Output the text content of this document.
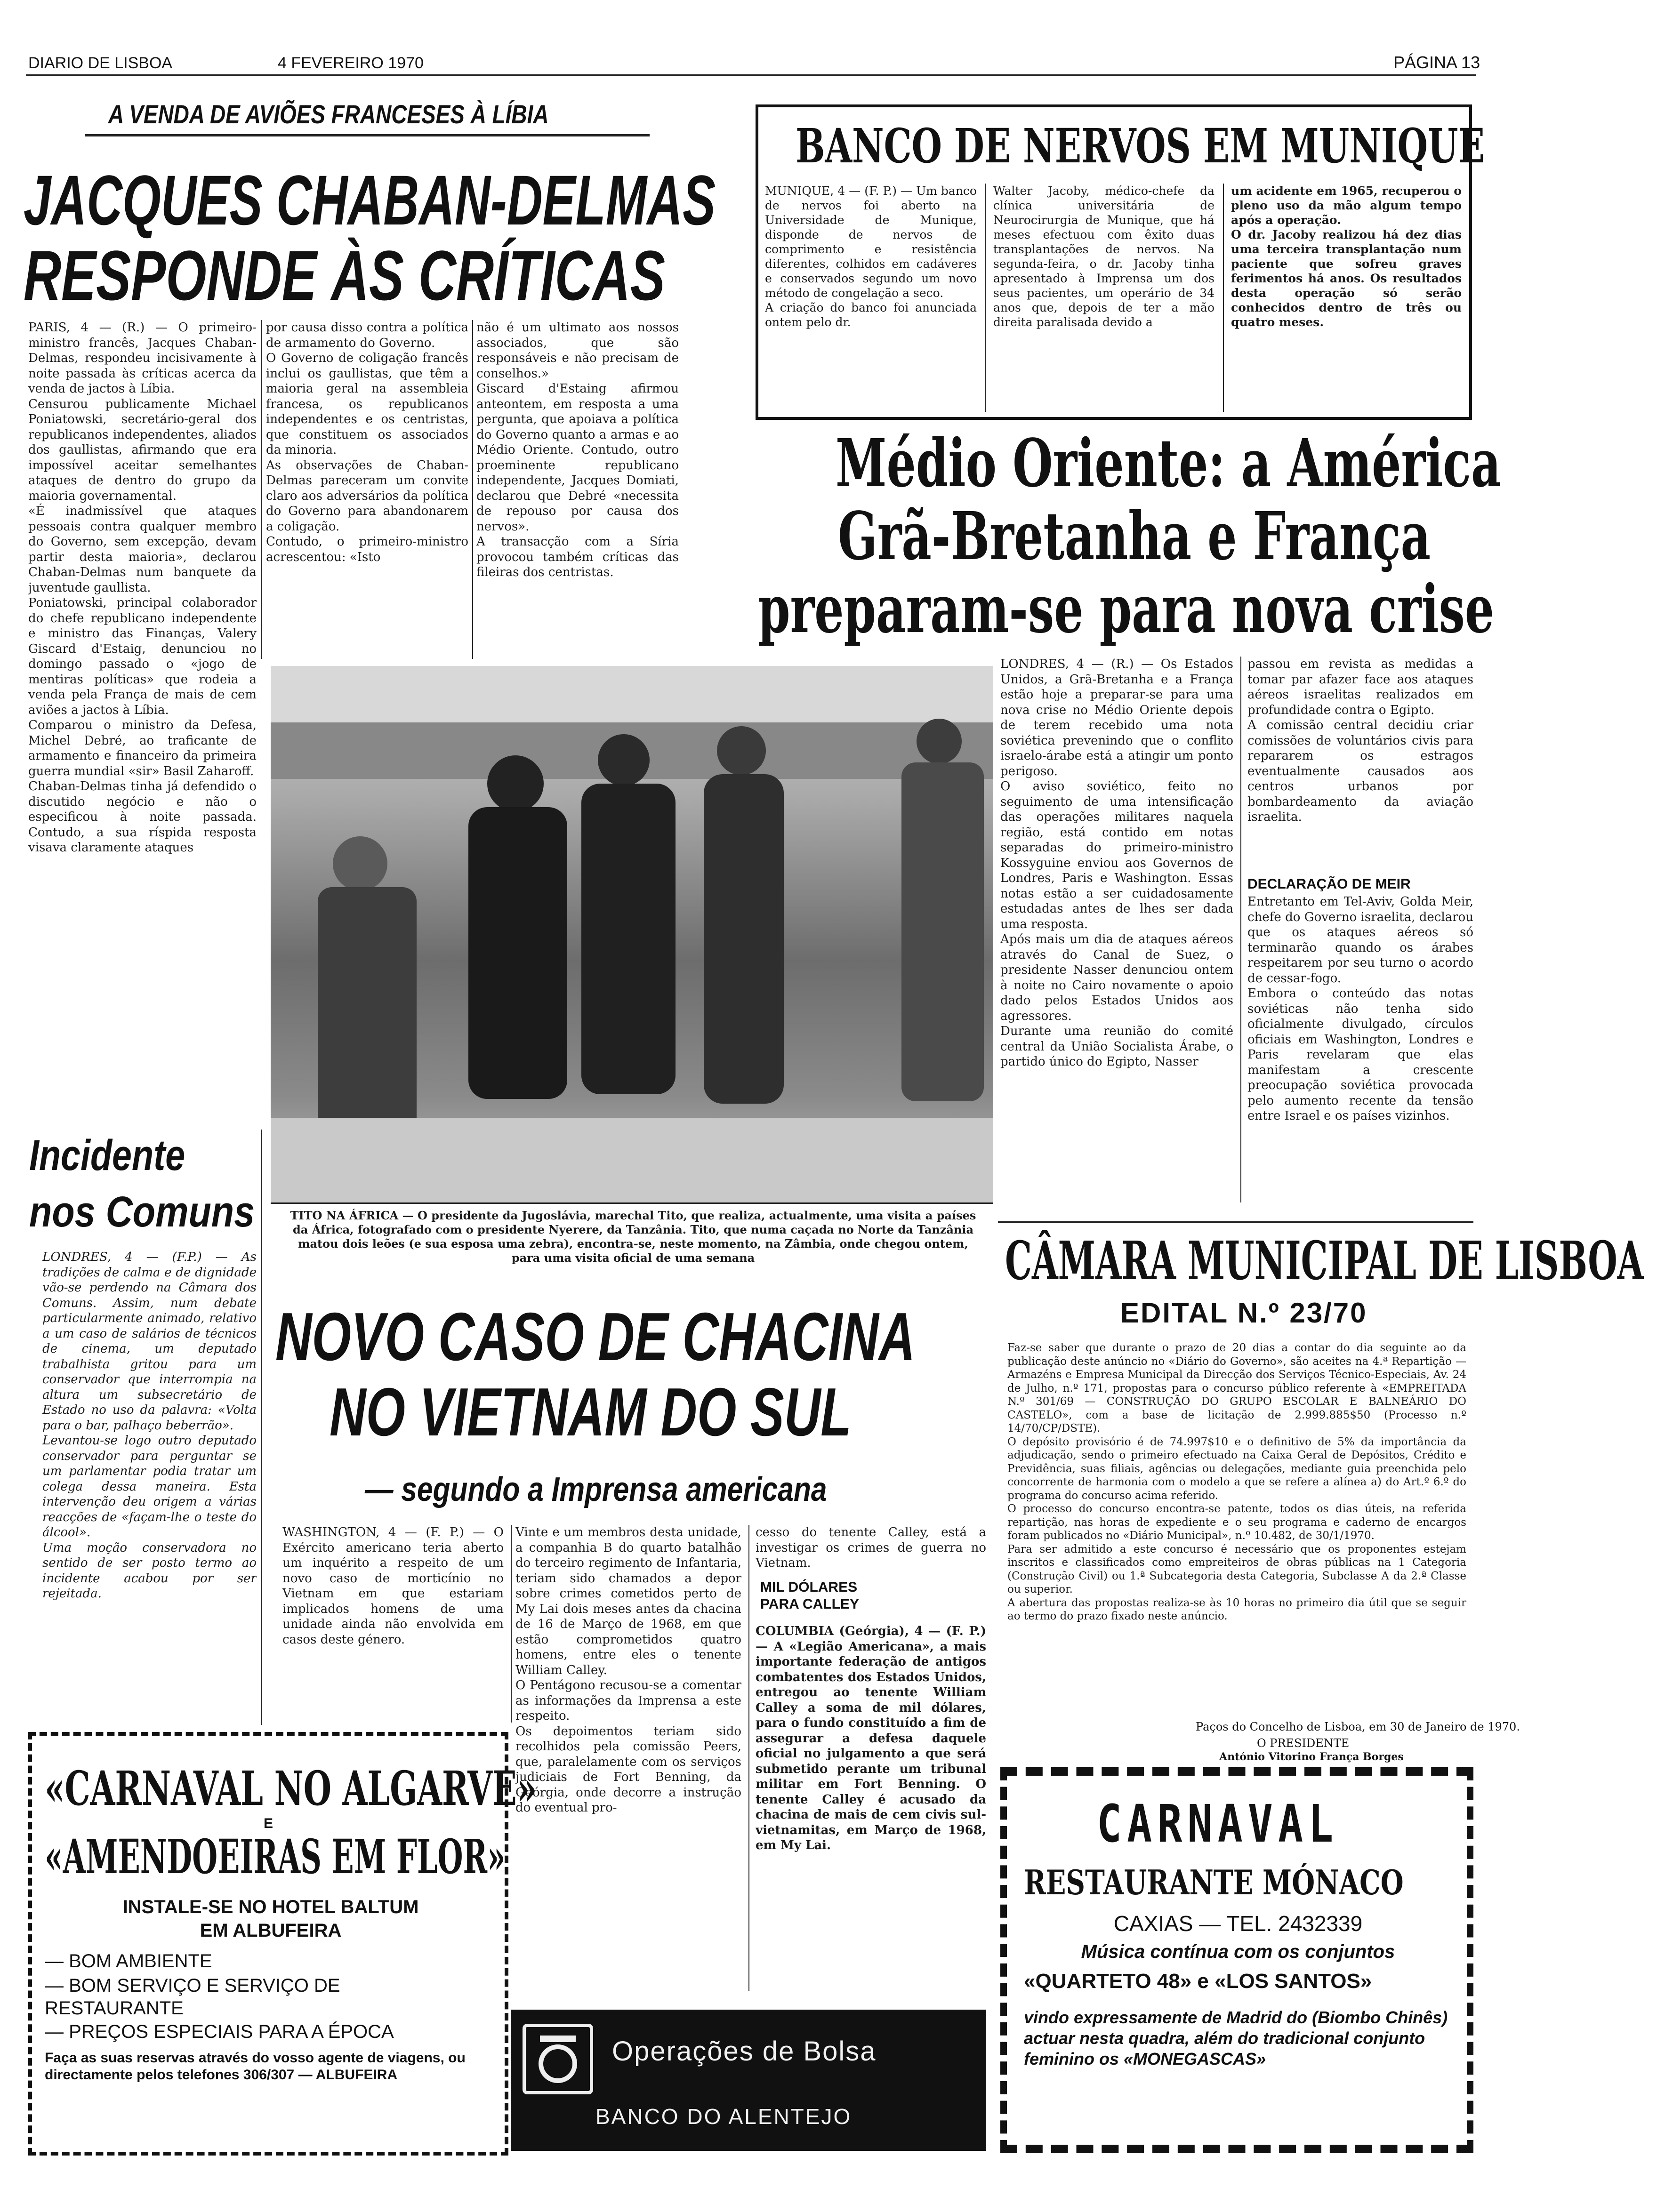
DIARIO DE LISBOA	4 FEVEREIRO 1970	PÁGINA 13
A VENDA DE AVIÕES FRANCESES À LÍBIA
JACQUES CHABAN-DELMAS
RESPONDE ÀS CRÍTICAS
PARIS, 4 — (R.) — O primeiro-ministro francês, Jacques Chaban-Delmas, respondeu incisivamente à noite passada às críticas acerca da venda de jactos à Líbia.
Censurou publicamente Michael Poniatowski, secretário-geral dos republicanos independentes, aliados dos gaullistas, afirmando que era impossível aceitar semelhantes ataques de dentro do grupo da maioria governamental.
«É inadmissível que ataques pessoais contra qualquer membro do Governo, sem excepção, devam partir desta maioria», declarou Chaban-Delmas num banquete da juventude gaullista.
Poniatowski, principal colaborador do chefe republicano independente e ministro das Finanças, Valery Giscard d'Estaig, denunciou no domingo passado o «jogo de mentiras políticas» que rodeia a venda pela França de mais de cem aviões a jactos à Líbia.
Comparou o ministro da Defesa, Michel Debré, ao traficante de armamento e financeiro da primeira guerra mundial «sir» Basil Zaharoff.
Chaban-Delmas tinha já defendido o discutido negócio e não o especificou à noite passada. Contudo, a sua ríspida resposta visava claramente ataques
por causa disso contra a política de armamento do Governo.
O Governo de coligação francês inclui os gaullistas, que têm a maioria geral na assembleia francesa, os republicanos independentes e os centristas, que constituem os associados da minoria.
As observações de Chaban-Delmas pareceram um convite claro aos adversários da política do Governo para abandonarem a coligação.
Contudo, o primeiro-ministro acrescentou: «Isto
não é um ultimato aos nossos associados, que são responsáveis e não precisam de conselhos.»
Giscard d'Estaing afirmou anteontem, em resposta a uma pergunta, que apoiava a política do Governo quanto a armas e ao Médio Oriente. Contudo, outro proeminente republicano independente, Jacques Domiati, declarou que Debré «necessita de repouso por causa dos nervos».
A transacção com a Síria provocou também críticas das fileiras dos centristas.
Incidente
nos Comuns
LONDRES, 4 — (F.P.) — As tradições de calma e de dignidade vão-se perdendo na Câmara dos Comuns. Assim, num debate particularmente animado, relativo a um caso de salários de técnicos de cinema, um deputado trabalhista gritou para um conservador que interrompia na altura um subsecretário de Estado no uso da palavra: «Volta para o bar, palhaço beberrão».
Levantou-se logo outro deputado conservador para perguntar se um parlamentar podia tratar um colega dessa maneira. Esta intervenção deu origem a várias reacções de «façam-lhe o teste do álcool».
Uma moção conservadora no sentido de ser posto termo ao incidente acabou por ser rejeitada.
BANCO DE NERVOS EM MUNIQUE
MUNIQUE, 4 — (F. P.) — Um banco de nervos foi aberto na Universidade de Munique, disponde de nervos de comprimento e resistência diferentes, colhidos em cadáveres e conservados segundo um novo método de congelação a seco.
A criação do banco foi anunciada ontem pelo dr.
Walter Jacoby, médico-chefe da clínica universitária de Neurocirurgia de Munique, que há meses efectuou com êxito duas transplantações de nervos. Na segunda-feira, o dr. Jacoby tinha apresentado à Imprensa um dos seus pacientes, um operário de 34 anos que, depois de ter a mão direita paralisada devido a
um acidente em 1965, recuperou o pleno uso da mão algum tempo após a operação.
O dr. Jacoby realizou há dez dias uma terceira transplantação num paciente que sofreu graves ferimentos há anos. Os resultados desta operação só serão conhecidos dentro de três ou quatro meses.
Médio Oriente: a América
Grã-Bretanha e França
preparam-se para nova crise
LONDRES, 4 — (R.) — Os Estados Unidos, a Grã-Bretanha e a França estão hoje a preparar-se para uma nova crise no Médio Oriente depois de terem recebido uma nota soviética prevenindo que o conflito israelo-árabe está a atingir um ponto perigoso.
O aviso soviético, feito no seguimento de uma intensificação das operações militares naquela região, está contido em notas separadas do primeiro-ministro Kossyguine enviou aos Governos de Londres, Paris e Washington. Essas notas estão a ser cuidadosamente estudadas antes de lhes ser dada uma resposta.
Após mais um dia de ataques aéreos através do Canal de Suez, o presidente Nasser denunciou ontem à noite no Cairo novamente o apoio dado pelos Estados Unidos aos agressores.
Durante uma reunião do comité central da União Socialista Árabe, o partido único do Egipto, Nasser
passou em revista as medidas a tomar par afazer face aos ataques aéreos israelitas realizados em profundidade contra o Egipto.
A comissão central decidiu criar comissões de voluntários civis para repararem os estragos eventualmente causados aos centros urbanos por bombardeamento da aviação israelita.
DECLARAÇÃO DE MEIR
Entretanto em Tel-Aviv, Golda Meir, chefe do Governo israelita, declarou que os ataques aéreos só terminarão quando os árabes respeitarem por seu turno o acordo de cessar-fogo.
Embora o conteúdo das notas soviéticas não tenha sido oficialmente divulgado, círculos oficiais em Washington, Londres e Paris revelaram que elas manifestam a crescente preocupação soviética provocada pelo aumento recente da tensão entre Israel e os países vizinhos.
TITO NA ÁFRICA — O presidente da Jugoslávia, marechal Tito, que realiza, actualmente, uma visita a países da África, fotografado com o presidente Nyerere, da Tanzânia. Tito, que numa caçada no Norte da Tanzânia matou dois leões (e sua esposa uma zebra), encontra-se, neste momento, na Zâmbia, onde chegou ontem, para uma visita oficial de uma semana
NOVO CASO DE CHACINA
NO VIETNAM DO SUL
— segundo a Imprensa americana
WASHINGTON, 4 — (F. P.) — O Exército americano teria aberto um inquérito a respeito de um novo caso de morticínio no Vietnam em que estariam implicados homens de uma unidade ainda não envolvida em casos deste género.
Vinte e um membros desta unidade, a companhia B do quarto batalhão do terceiro regimento de Infantaria, teriam sido chamados a depor sobre crimes cometidos perto de My Lai dois meses antes da chacina de 16 de Março de 1968, em que estão comprometidos quatro homens, entre eles o tenente William Calley.
O Pentágono recusou-se a comentar as informações da Imprensa a este respeito.
Os depoimentos teriam sido recolhidos pela comissão Peers, que, paralelamente com os serviços judiciais de Fort Benning, da Geórgia, onde decorre a instrução do eventual pro-
cesso do tenente Calley, está a investigar os crimes de guerra no Vietnam.
MIL DÓLARES
PARA CALLEY
COLUMBIA (Geórgia), 4 — (F. P.) — A «Legião Americana», a mais importante federação de antigos combatentes dos Estados Unidos, entregou ao tenente William Calley a soma de mil dólares, para o fundo constituído a fim de assegurar a defesa daquele oficial no julgamento a que será submetido perante um tribunal militar em Fort Benning. O tenente Calley é acusado da chacina de mais de cem civis sul-vietnamitas, em Março de 1968, em My Lai.
CÂMARA MUNICIPAL DE LISBOA
EDITAL N.º 23/70
Faz-se saber que durante o prazo de 20 dias a contar do dia seguinte ao da publicação deste anúncio no «Diário do Governo», são aceites na 4.ª Repartição — Armazéns e Empresa Municipal da Direcção dos Serviços Técnico-Especiais, Av. 24 de Julho, n.º 171, propostas para o concurso público referente à «EMPREITADA N.º 301/69 — CONSTRUÇÃO DO GRUPO ESCOLAR E BALNEÁRIO DO CASTELO», com a base de licitação de 2.999.885$50 (Processo n.º 14/70/CP/DSTE).
O depósito provisório é de 74.997$10 e o definitivo de 5% da importância da adjudicação, sendo o primeiro efectuado na Caixa Geral de Depósitos, Crédito e Previdência, suas filiais, agências ou delegações, mediante guia preenchida pelo concorrente de harmonia com o modelo a que se refere a alínea a) do Art.º 6.º do programa do concurso acima referido.
O processo do concurso encontra-se patente, todos os dias úteis, na referida repartição, nas horas de expediente e o seu programa e caderno de encargos foram publicados no «Diário Municipal», n.º 10.482, de 30/1/1970.
Para ser admitido a este concurso é necessário que os proponentes estejam inscritos e classificados como empreiteiros de obras públicas na 1 Categoria (Construção Civil) ou 1.ª Subcategoria desta Categoria, Subclasse A da 2.ª Classe ou superior.
A abertura das propostas realiza-se às 10 horas no primeiro dia útil que se seguir ao termo do prazo fixado neste anúncio.
Paços do Concelho de Lisboa, em 30 de Janeiro de 1970.
O PRESIDENTE
António Vitorino França Borges
«CARNAVAL NO ALGARVE»
E
«AMENDOEIRAS EM FLOR»
INSTALE-SE NO HOTEL BALTUM
EM ALBUFEIRA
— BOM AMBIENTE
— BOM SERVIÇO E SERVIÇO DE RESTAURANTE
— PREÇOS ESPECIAIS PARA A ÉPOCA
Faça as suas reservas através do vosso agente de viagens, ou directamente pelos telefones 306/307 — ALBUFEIRA
Operações de Bolsa
BANCO DO ALENTEJO
CARNAVAL
RESTAURANTE MÓNACO
CAXIAS — TEL. 2432339
Música contínua com os conjuntos
«QUARTETO 48» e «LOS SANTOS»
vindo expressamente de Madrid do (Biombo Chinês) actuar nesta quadra, além do tradicional conjunto feminino os «MONEGASCAS»
